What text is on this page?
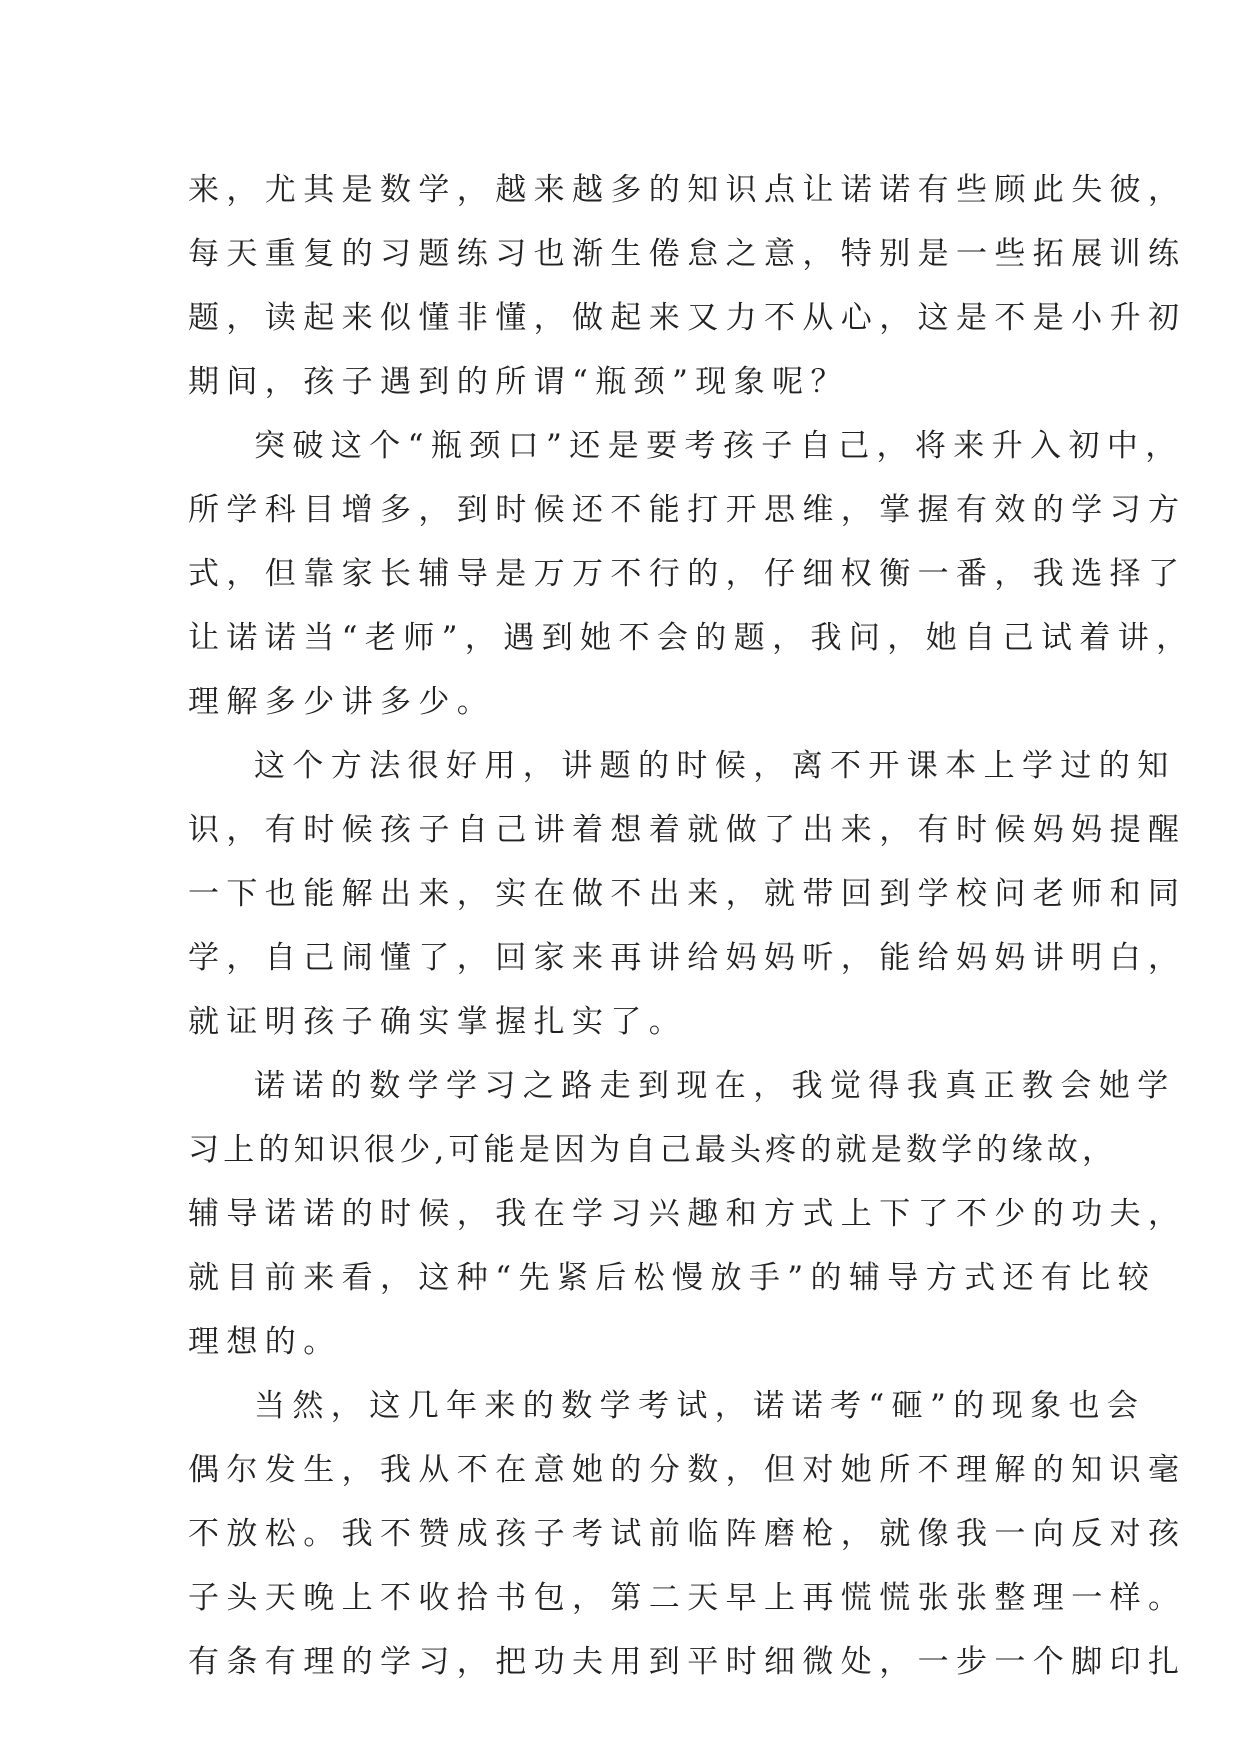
来，尤其是数学，越来越多的知识点让诺诺有些顾此失彼，
每天重复的习题练习也渐生倦怠之意，特别是一些拓展训练
题，读起来似懂非懂，做起来又力不从心，这是不是小升初
期间，孩子遇到的所谓“瓶颈”现象呢？
突破这个“瓶颈口”还是要考孩子自己，将来升入初中，
所学科目增多，到时候还不能打开思维，掌握有效的学习方
式，但靠家长辅导是万万不行的，仔细权衡一番，我选择了
让诺诺当“老师”，遇到她不会的题，我问，她自己试着讲，
理解多少讲多少。
这个方法很好用，讲题的时候，离不开课本上学过的知
识，有时候孩子自己讲着想着就做了出来，有时候妈妈提醒
一下也能解出来，实在做不出来，就带回到学校问老师和同
学，自己闹懂了，回家来再讲给妈妈听，能给妈妈讲明白，
就证明孩子确实掌握扎实了。
诺诺的数学学习之路走到现在，我觉得我真正教会她学
习上的知识很少,可能是因为自己最头疼的就是数学的缘故，
辅导诺诺的时候，我在学习兴趣和方式上下了不少的功夫，
就目前来看，这种“先紧后松慢放手”的辅导方式还有比较
理想的。
当然，这几年来的数学考试，诺诺考“砸”的现象也会
偶尔发生，我从不在意她的分数，但对她所不理解的知识毫
不放松。我不赞成孩子考试前临阵磨枪，就像我一向反对孩
子头天晚上不收拾书包，第二天早上再慌慌张张整理一样。
有条有理的学习，把功夫用到平时细微处，一步一个脚印扎
